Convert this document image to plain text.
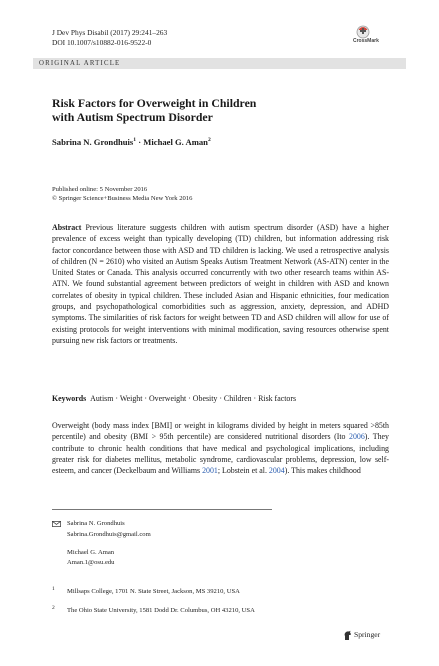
J Dev Phys Disabil (2017) 29:241–263
DOI 10.1007/s10882-016-9522-0	CrossMark
ORIGINAL ARTICLE
Risk Factors for Overweight in Children
with Autism Spectrum Disorder
Sabrina N. Grondhuis$^1$ · Michael G. Aman$^2$
Published online: 5 November 2016
© Springer Science+Business Media New York 2016
Abstract Previous literature suggests children with autism spectrum disorder (ASD) have a higher prevalence of excess weight than typically developing (TD) children, but information addressing risk factor concordance between those with ASD and TD children is lacking. We used a retrospective analysis of children (N = 2610) who visited an Autism Speaks Autism Treatment Network (AS-ATN) center in the United States or Canada. This analysis occurred concurrently with two other research teams within AS-ATN. We found substantial agreement between predictors of weight in children with ASD and known correlates of obesity in typical children. These included Asian and Hispanic ethnicities, four medication groups, and psychopathological comorbidities such as aggression, anxiety, depression, and ADHD symptoms. The similarities of risk factors for weight between TD and ASD children will allow for use of existing protocols for weight interventions with minimal modification, saving resources otherwise spent pursuing new risk factors or treatments.
Keywords Autism · Weight · Overweight · Obesity · Children · Risk factors
Overweight (body mass index [BMI] or weight in kilograms divided by height in meters squared >85th percentile) and obesity (BMI > 95th percentile) are considered nutritional disorders (Ito 2006). They contribute to chronic health conditions that have medical and psychological implications, including greater risk for diabetes mellitus, metabolic syndrome, cardiovascular problems, depression, low self-esteem, and cancer (Deckelbaum and Williams 2001; Lobstein et al. 2004). This makes childhood
Sabrina N. Grondhuis
Sabrina.Grondhuis@gmail.com
Michael G. Aman
Aman.1@osu.edu
1 Millsaps College, 1701 N. State Street, Jackson, MS 39210, USA
2 The Ohio State University, 1581 Dodd Dr. Columbus, OH 43210, USA
Springer
